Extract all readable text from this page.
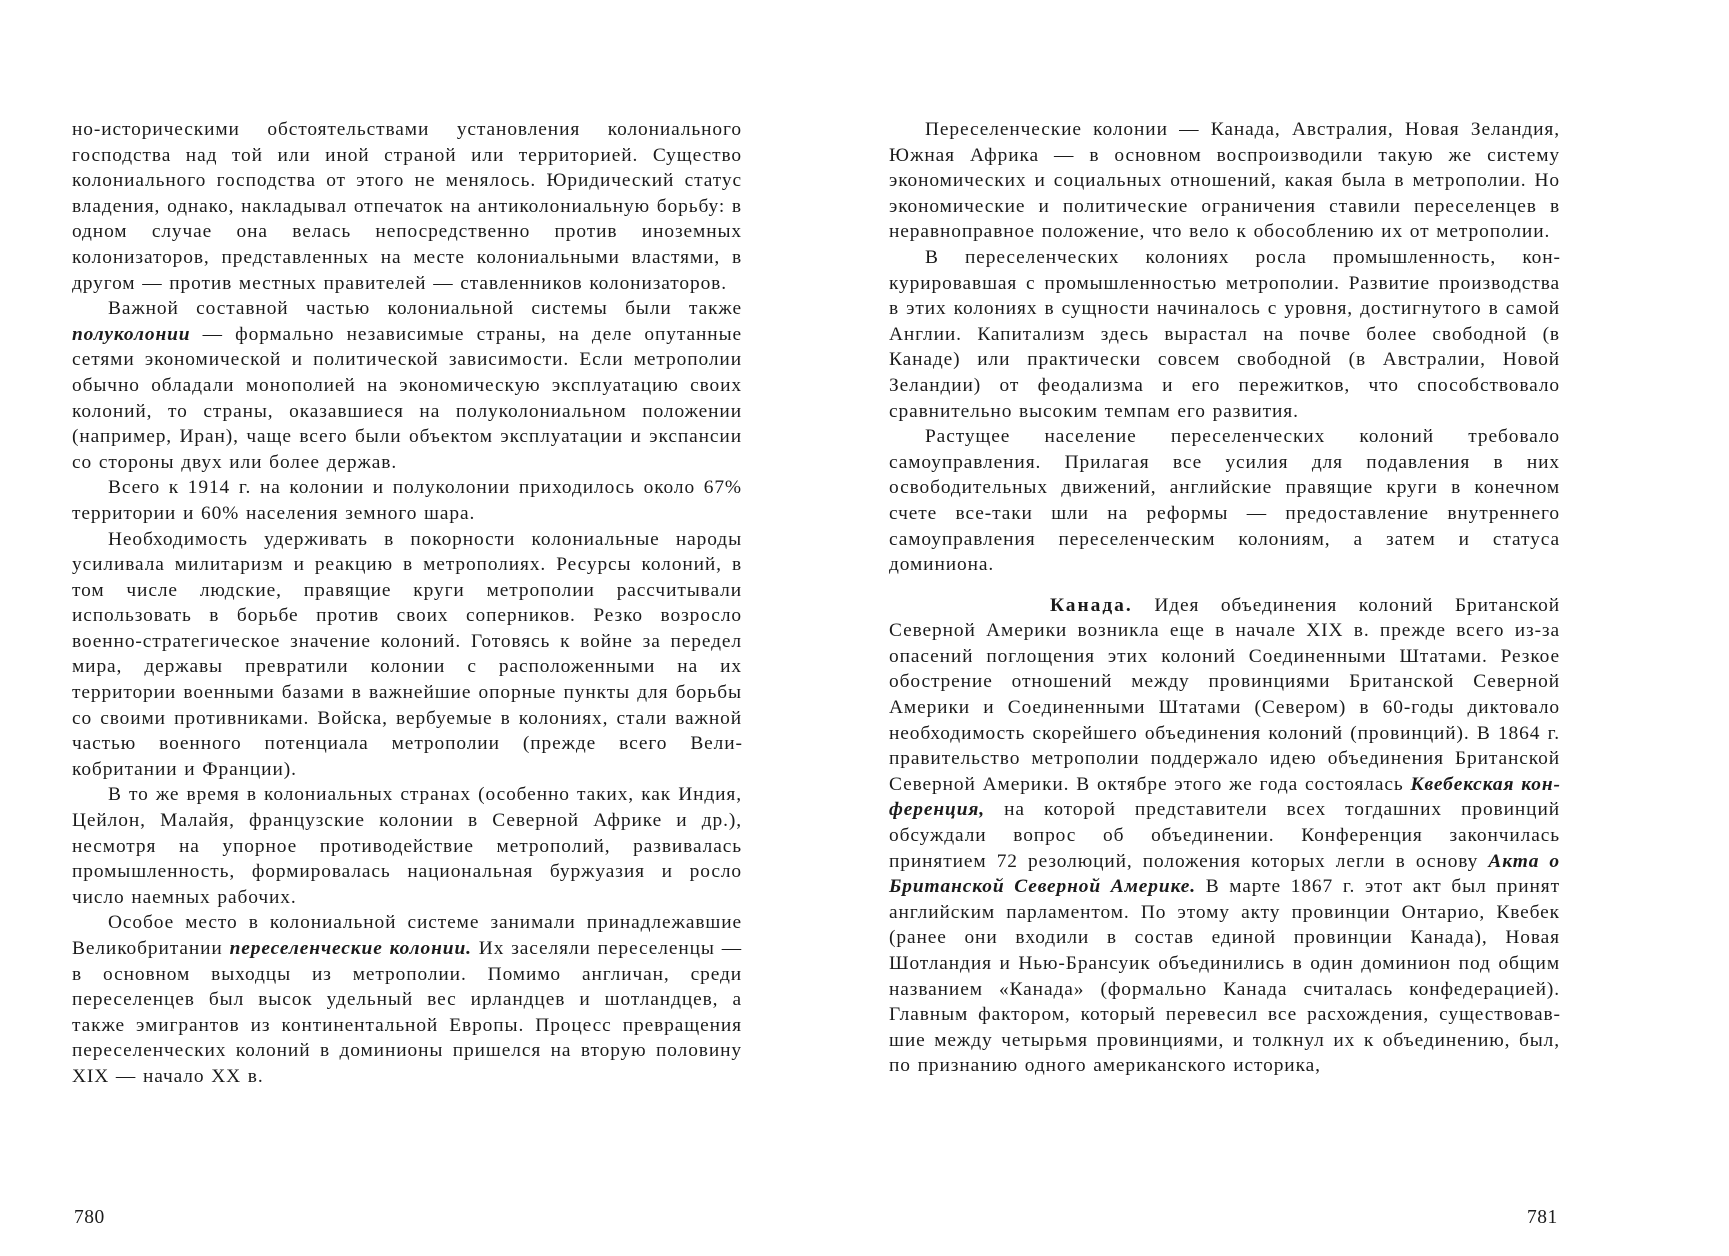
но-историческими обстоятельствами установления колониального господства над той или иной страной или территорией. Существо колониального господства от этого не менялось. Юридический статус владения, однако, накладывал отпечаток на антиколониальную борьбу: в одном случае она велась непосредственно против иноземных колонизаторов, представленных на месте колониальными властями, в другом — против местных правителей — ставленников колонизаторов.

Важной составной частью колониальной системы были также полуколонии — формально независимые страны, на деле опутанные сетями экономической и политической зависимости. Если метрополии обычно обладали монополией на экономическую эксплуатацию своих колоний, то страны, оказавшиеся на полуколониальном положении (например, Иран), чаще всего были объектом эксплуатации и экспансии со стороны двух или более держав.

Всего к 1914 г. на колонии и полуколонии приходилось около 67% территории и 60% населения земного шара.

Необходимость удерживать в покорности колониальные народы усиливала милитаризм и реакцию в метрополиях. Ресурсы колоний, в том числе людские, правящие круги метрополии рассчитывали использовать в борьбе против своих соперников. Резко возросло военно-стратегическое значение колоний. Готовясь к войне за передел мира, державы превратили колонии с расположенными на их территории военными базами в важнейшие опорные пункты для борьбы со своими противниками. Войска, вербуемые в колониях, стали важной частью военного потенциала метрополии (прежде всего Великобритании и Франции).

В то же время в колониальных странах (особенно таких, как Индия, Цейлон, Малайя, французские колонии в Северной Африке и др.), несмотря на упорное противодействие метрополий, развивалась промышленность, формировалась национальная буржуазия и росло число наемных рабочих.

Особое место в колониальной системе занимали принадлежавшие Великобритании переселенческие колонии. Их заселяли переселенцы — в основном выходцы из метрополии. Помимо англичан, среди переселенцев был высок удельный вес ирландцев и шотландцев, а также эмигрантов из континентальной Европы. Процесс превращения переселенческих колоний в доминионы пришелся на вторую половину XIX — начало XX в.

Переселенческие колонии — Канада, Австралия, Новая Зеландия, Южная Африка — в основном воспроизводили такую же систему экономических и социальных отношений, какая была в метрополии. Но экономические и политические ограничения ставили переселенцев в неравноправное положение, что вело к обособлению их от метрополии.

В переселенческих колониях росла промышленность, конкурировавшая с промышленностью метрополии. Развитие производства в этих колониях в сущности начиналось с уровня, достигнутого в самой Англии. Капитализм здесь вырастал на почве более свободной (в Канаде) или практически совсем свободной (в Австралии, Новой Зеландии) от феодализма и его пережитков, что способствовало сравнительно высоким темпам его развития.

Растущее население переселенческих колоний требовало самоуправления. Прилагая все усилия для подавления в них освободительных движений, английские правящие круги в конечном счете все-таки шли на реформы — предоставление внутреннего самоуправления переселенческим колониям, а затем и статуса доминиона.

Канада. Идея объединения колоний Британской Северной Америки возникла еще в начале XIX в. прежде всего из-за опасений поглощения этих колоний Соединенными Штатами. Резкое обострение отношений между провинциями Британской Северной Америки и Соединенными Штатами (Севером) в 60-годы диктовало необходимость скорейшего объединения колоний (провинций). В 1864 г. правительство метрополии поддержало идею объединения Британской Северной Америки. В октябре этого же года состоялась Квебекская конференция, на которой представители всех тогдашних провинций обсуждали вопрос об объединении. Конференция закончилась принятием 72 резолюций, положения которых легли в основу Акта о Британской Северной Америке. В марте 1867 г. этот акт был принят английским парламентом. По этому акту провинции Онтарио, Квебек (ранее они входили в состав единой провинции Канада), Новая Шотландия и Нью-Брансуик объединились в один доминион под общим названием «Канада» (формально Канада считалась конфедерацией). Главным фактором, который перевесил все расхождения, существовавшие между четырьмя провинциями, и толкнул их к объединению, был, по признанию одного американского историка,

780	781
